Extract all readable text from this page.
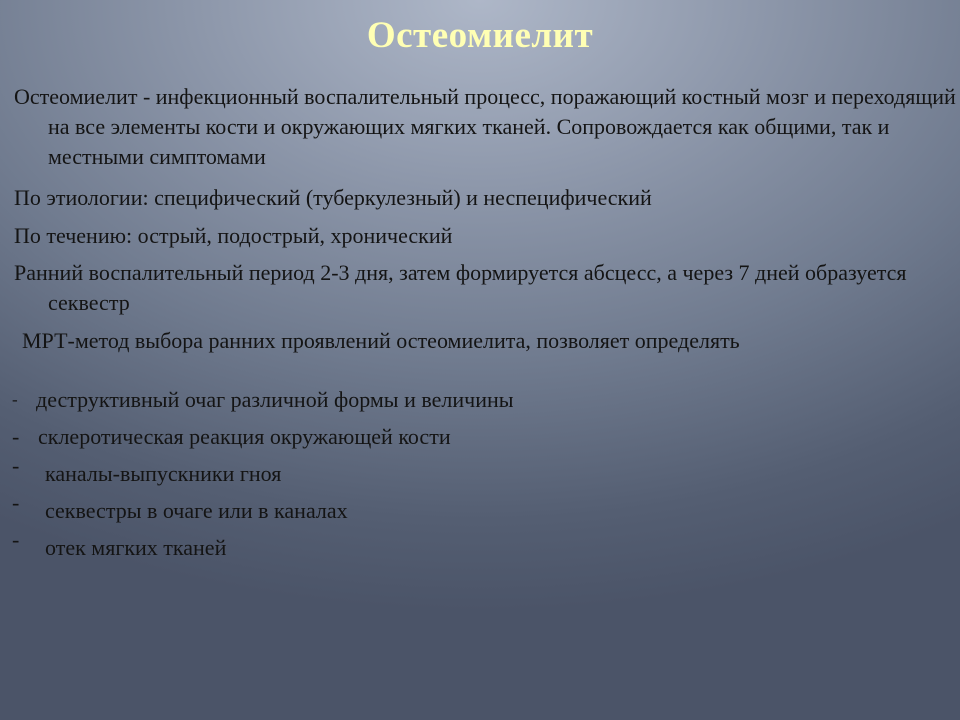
Остеомиелит
Остеомиелит - инфекционный воспалительный процесс, поражающий костный мозг и переходящий на все элементы кости и окружающих мягких тканей. Сопровождается как общими, так и местными симптомами
По этиологии: специфический (туберкулезный) и неспецифический
По течению: острый, подострый, хронический
Ранний воспалительный период 2-3 дня, затем формируется абсцесс, а через 7 дней образуется секвестр
МРТ-метод выбора ранних проявлений остеомиелита, позволяет определять
- деструктивный очаг различной формы и величины
- склеротическая реакция окружающей кости
- каналы-выпускники гноя
- секвестры в очаге или в каналах
- отек мягких тканей
